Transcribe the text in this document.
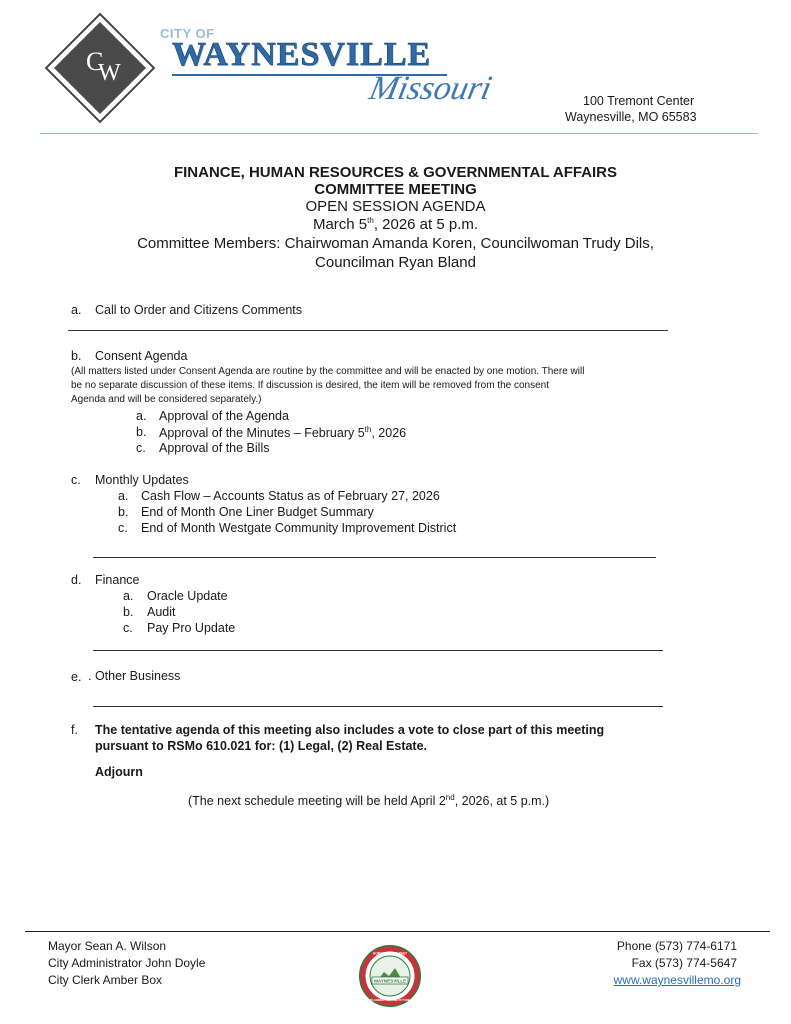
C
W
CITY OF
WAYNESVILLE
Missouri	100 Tremont Center
Waynesville, MO 65583
FINANCE, HUMAN RESOURCES & GOVERNMENTAL AFFAIRS
COMMITTEE MEETING
OPEN SESSION AGENDA
March 5th, 2026 at 5 p.m.
Committee Members: Chairwoman Amanda Koren, Councilwoman Trudy Dils,
Councilman Ryan Bland
a. Call to Order and Citizens Comments
b. Consent Agenda
(All matters listed under Consent Agenda are routine by the committee and will be enacted by one motion. There will
be no separate discussion of these items. If discussion is desired, the item will be removed from the consent
Agenda and will be considered separately.)
a. Approval of the Agenda
b. Approval of the Minutes – February 5th, 2026
c. Approval of the Bills
c. Monthly Updates
a. Cash Flow – Accounts Status as of February 27, 2026
b. End of Month One Liner Budget Summary
c. End of Month Westgate Community Improvement District
d. Finance
a. Oracle Update
b. Audit
c. Pay Pro Update
e. . Other Business
f. The tentative agenda of this meeting also includes a vote to close part of this meeting
pursuant to RSMo 610.021 for: (1) Legal, (2) Real Estate.
Adjourn
(The next schedule meeting will be held April 2nd, 2026, at 5 p.m.)
Mayor Sean A. Wilson
City Administrator John Doyle
City Clerk Amber Box	WAYNESVILLE
HONORING THE PAST
PLANNING FOR THE FUTURE
Phone (573) 774-6171
Fax (573) 774-5647
www.waynesvillemo.org
